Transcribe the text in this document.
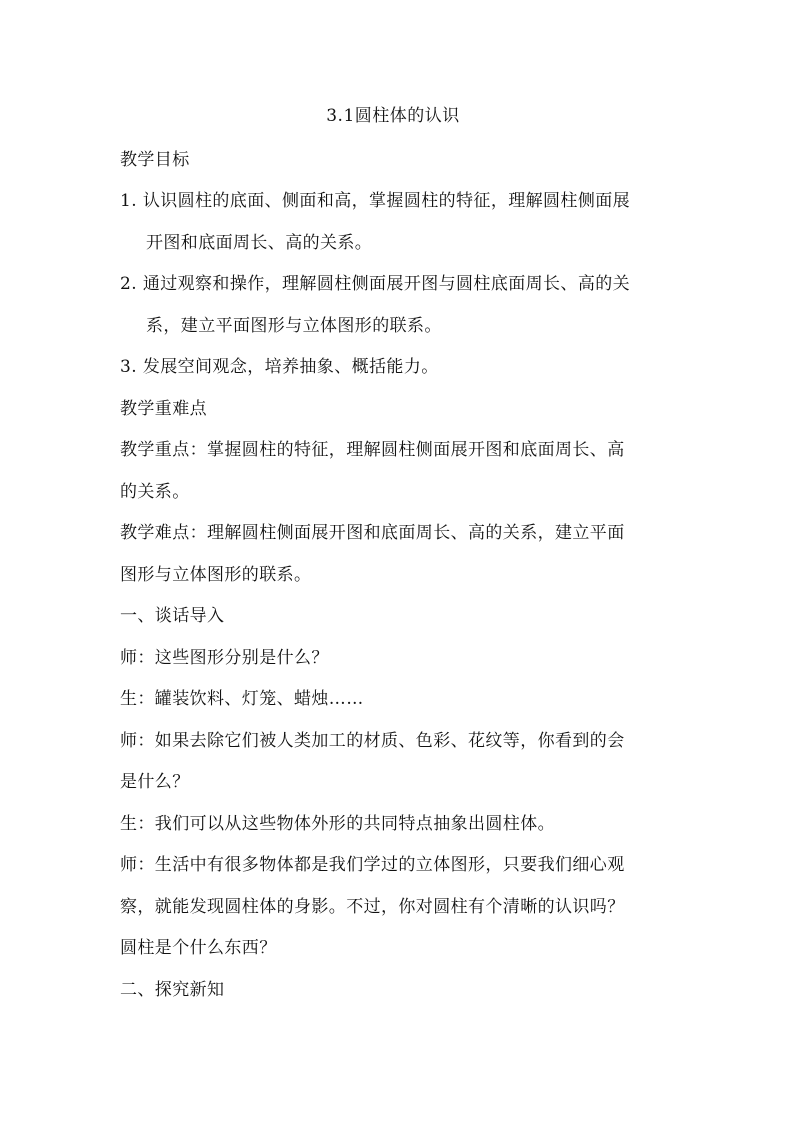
3.1圆柱体的认识
教学目标
1. 认识圆柱的底面、侧面和高，掌握圆柱的特征，理解圆柱侧面展
开图和底面周长、高的关系。
2. 通过观察和操作，理解圆柱侧面展开图与圆柱底面周长、高的关
系，建立平面图形与立体图形的联系。
3. 发展空间观念，培养抽象、概括能力。
教学重难点
教学重点：掌握圆柱的特征，理解圆柱侧面展开图和底面周长、高
的关系。
教学难点：理解圆柱侧面展开图和底面周长、高的关系，建立平面
图形与立体图形的联系。
一、谈话导入
师：这些图形分别是什么？
生：罐装饮料、灯笼、蜡烛……
师：如果去除它们被人类加工的材质、色彩、花纹等，你看到的会
是什么？
生：我们可以从这些物体外形的共同特点抽象出圆柱体。
师：生活中有很多物体都是我们学过的立体图形，只要我们细心观
察，就能发现圆柱体的身影。不过，你对圆柱有个清晰的认识吗？
圆柱是个什么东西？
二、探究新知
